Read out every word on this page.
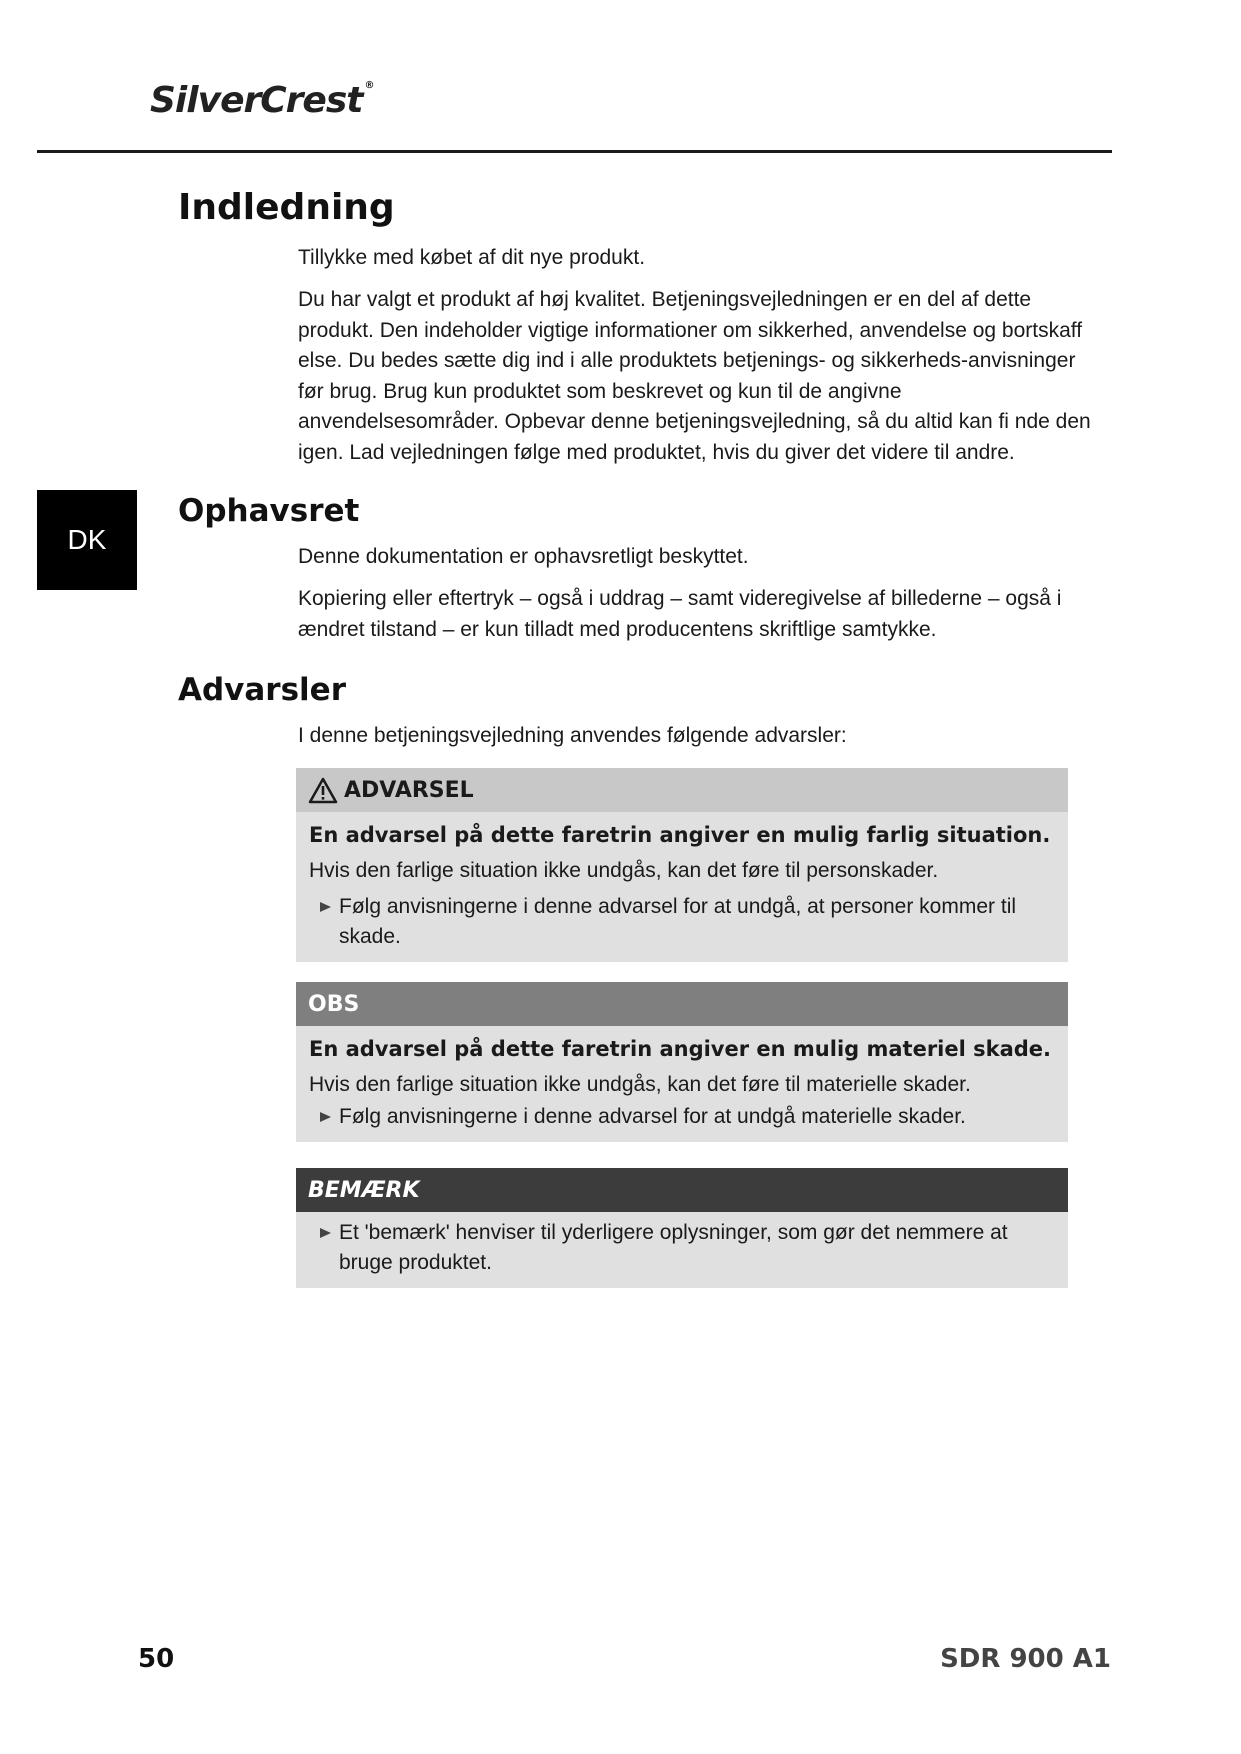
SilverCrest ®
DK
Indledning

Tillykke med købet af dit nye produkt.

Du har valgt et produkt af høj kvalitet. Betjeningsvejledningen er en del af dette produkt. Den indeholder vigtige informationer om sikkerhed, anvendelse og bortskaff else. Du bedes sætte dig ind i alle produktets betjenings- og sikkerheds-anvisninger før brug. Brug kun produktet som beskrevet og kun til de angivne anvendelsesområder. Opbevar denne betjeningsvejledning, så du altid kan fi nde den igen. Lad vejledningen følge med produktet, hvis du giver det videre til andre.

Ophavsret

Denne dokumentation er ophavsretligt beskyttet.

Kopiering eller eftertryk – også i uddrag – samt videregivelse af billederne – også i ændret tilstand – er kun tilladt med producentens skriftlige samtykke.

Advarsler

I denne betjeningsvejledning anvendes følgende advarsler:

ADVARSEL

En advarsel på dette faretrin angiver en mulig farlig situation.

Hvis den farlige situation ikke undgås, kan det føre til personskader.

Følg anvisningerne i denne advarsel for at undgå, at personer kommer til skade.

OBS

En advarsel på dette faretrin angiver en mulig materiel skade.

Hvis den farlige situation ikke undgås, kan det føre til materielle skader.

Følg anvisningerne i denne advarsel for at undgå materielle skader.

BEMÆRK

Et 'bemærk' henviser til yderligere oplysninger, som gør det nemmere at bruge produktet.

50	SDR 900 A1
